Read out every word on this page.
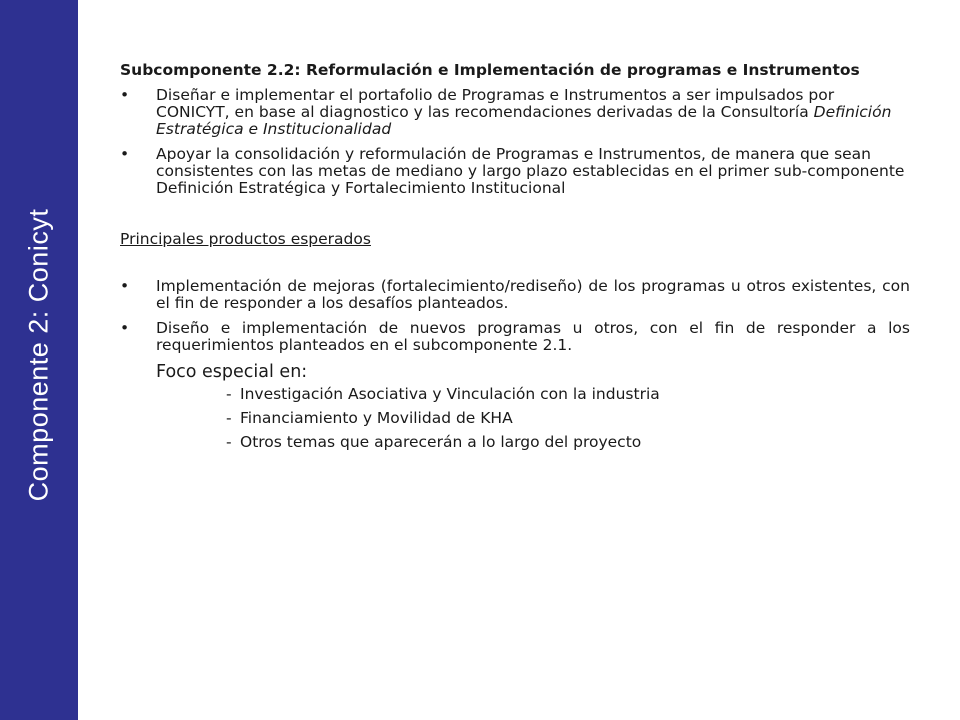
Componente 2: Conicyt
Subcomponente 2.2: Reformulación e Implementación de programas e Instrumentos
•	Diseñar e implementar el portafolio de Programas e Instrumentos a ser impulsados por CONICYT, en base al diagnostico y las recomendaciones derivadas de la Consultoría Definición Estratégica e Institucionalidad
•	Apoyar la consolidación y reformulación de Programas e Instrumentos, de manera que sean consistentes con las metas de mediano y largo plazo establecidas en el primer sub-componente Definición Estratégica y Fortalecimiento Institucional
Principales productos esperados
•	Implementación de mejoras (fortalecimiento/rediseño) de los programas u otros existentes, con el fin de responder a los desafíos planteados.
•	Diseño e implementación de nuevos programas u otros, con el fin de responder a los requerimientos planteados en el subcomponente 2.1.
Foco especial en:
- Investigación Asociativa y Vinculación con la industria
- Financiamiento y Movilidad de KHA
- Otros temas que aparecerán a lo largo del proyecto
